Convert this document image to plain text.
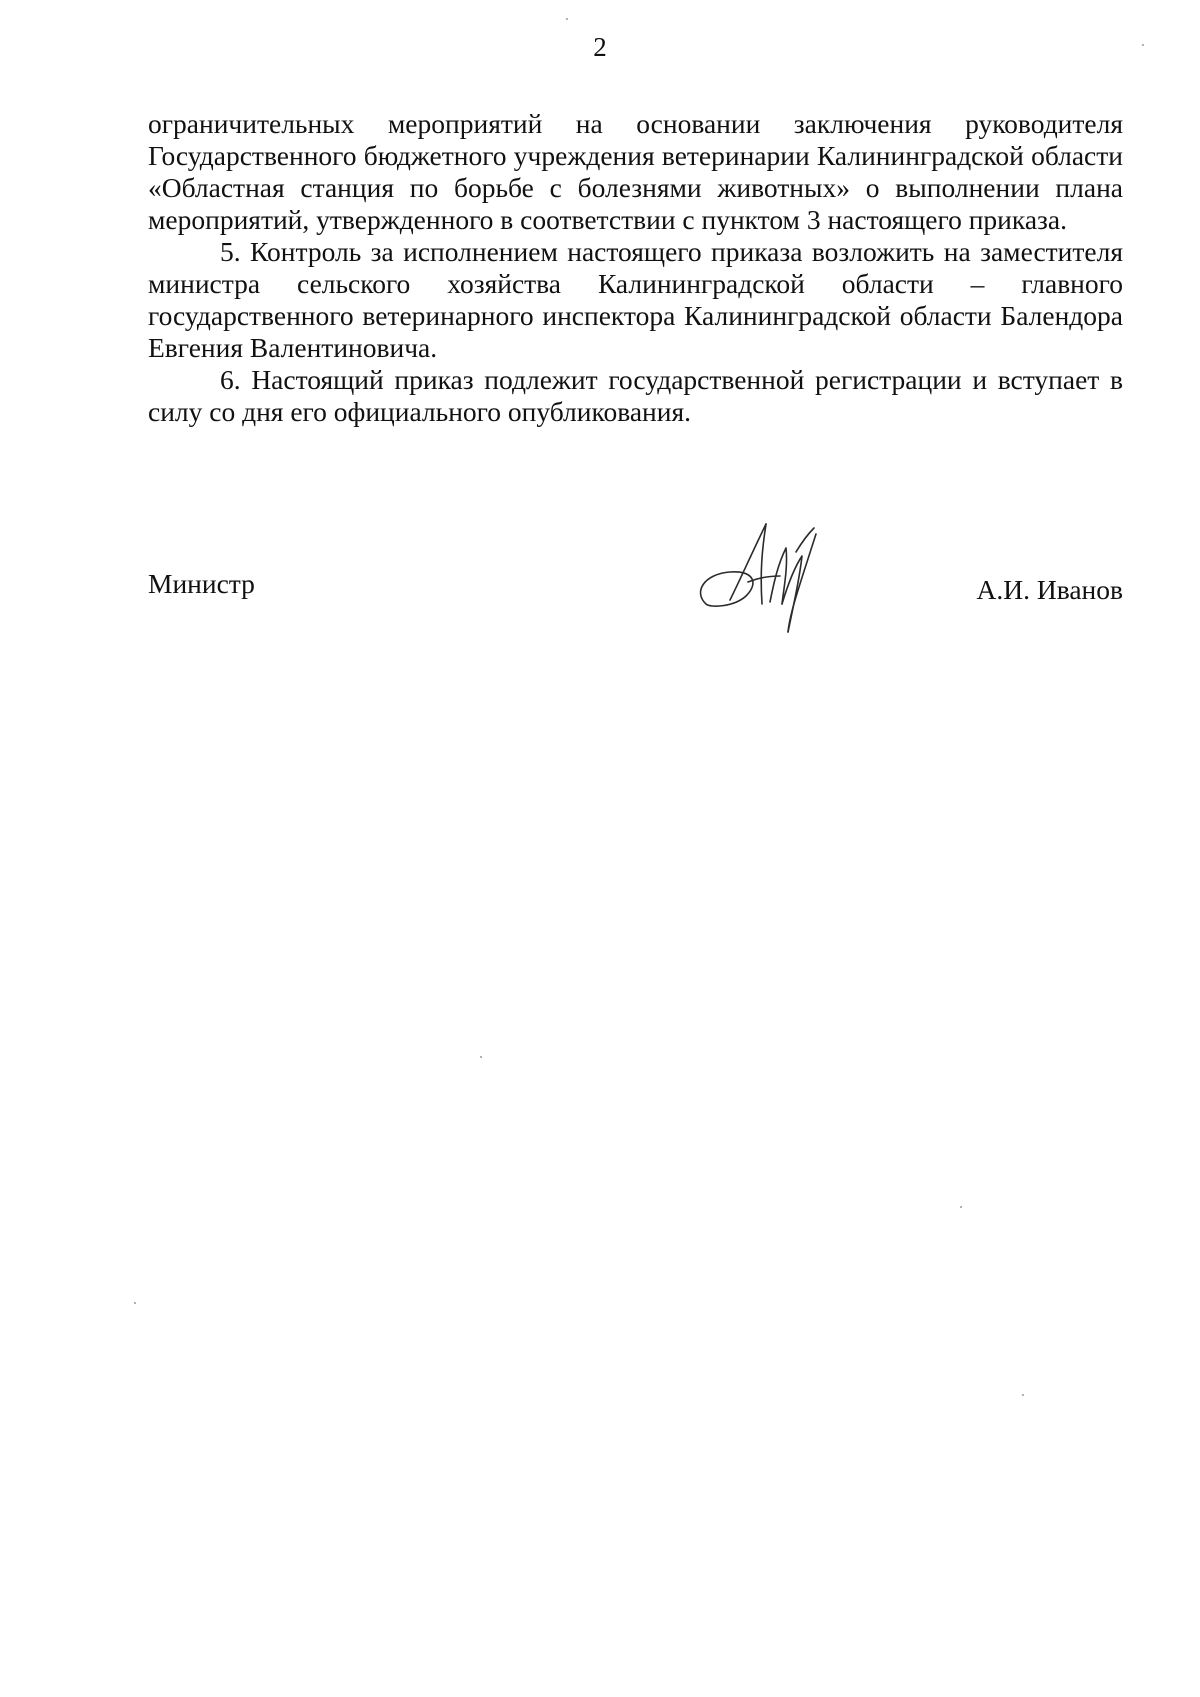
2

ограничительных мероприятий на основании заключения руководителя Государственного бюджетного учреждения ветеринарии Калининградской области «Областная станция по борьбе с болезнями животных» о выполнении плана мероприятий, утвержденного в соответствии с пунктом 3 настоящего приказа.

5. Контроль за исполнением настоящего приказа возложить на заместителя министра сельского хозяйства Калининградской области – главного государственного ветеринарного инспектора Калининградской области Балендора Евгения Валентиновича.

6. Настоящий приказ подлежит государственной регистрации и вступает в силу со дня его официального опубликования.

Министр	А.И. Иванов
